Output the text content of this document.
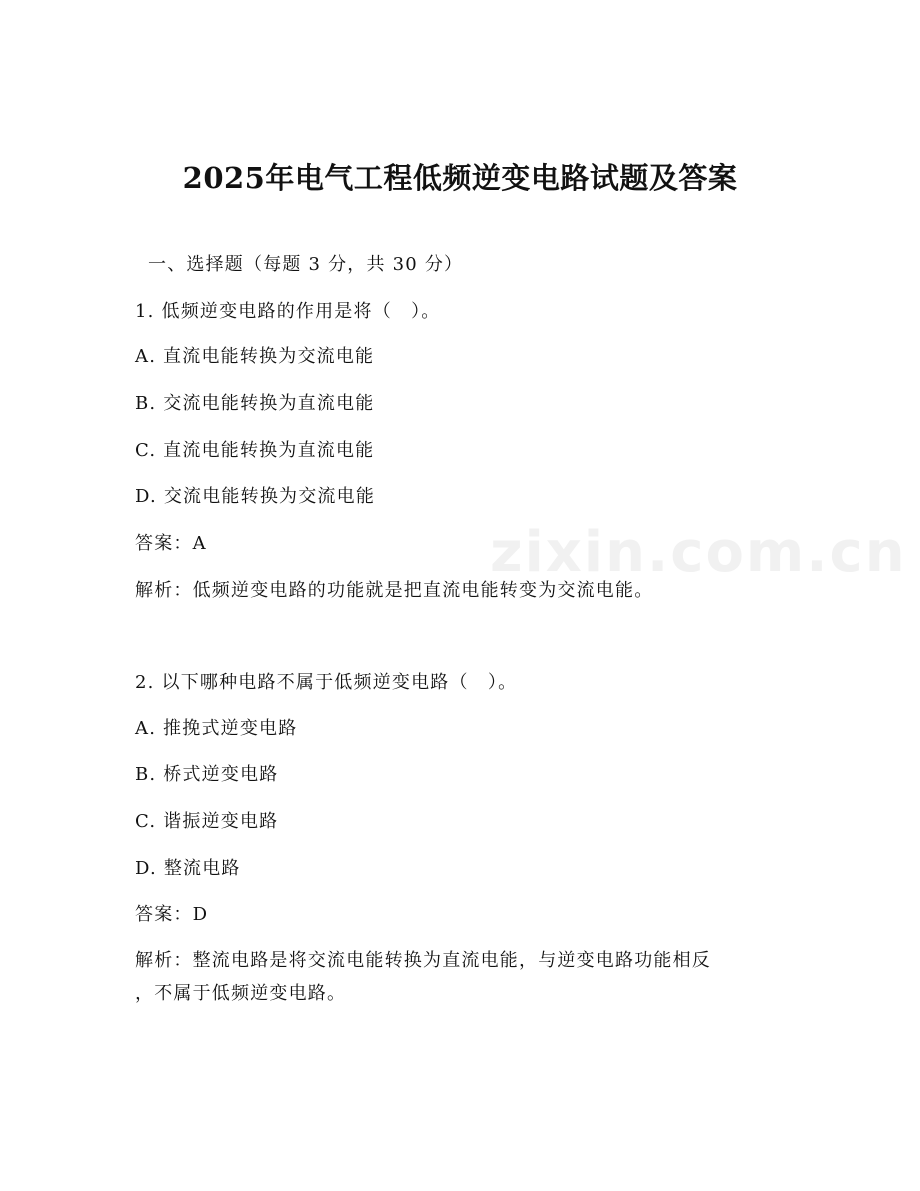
zixin.com.cn
2025年电气工程低频逆变电路试题及答案
一、选择题（每题 3 分，共 30 分）
1. 低频逆变电路的作用是将（　）。
A. 直流电能转换为交流电能
B. 交流电能转换为直流电能
C. 直流电能转换为直流电能
D. 交流电能转换为交流电能
答案：A
解析：低频逆变电路的功能就是把直流电能转变为交流电能。
2. 以下哪种电路不属于低频逆变电路（　）。
A. 推挽式逆变电路
B. 桥式逆变电路
C. 谐振逆变电路
D. 整流电路
答案：D
解析：整流电路是将交流电能转换为直流电能，与逆变电路功能相反
，不属于低频逆变电路。
